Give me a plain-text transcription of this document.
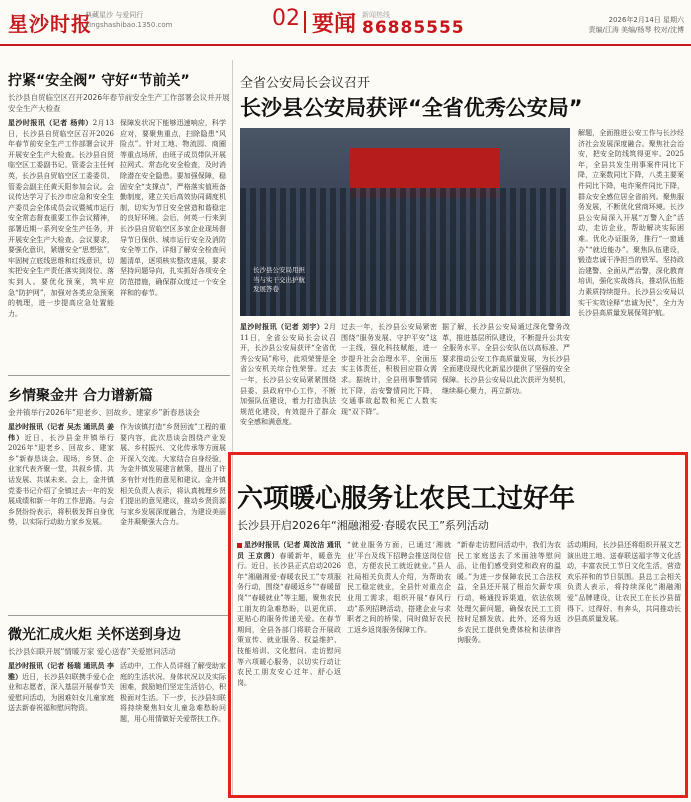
星沙时报
典藏星沙 与爱同行 xingshashibao.1350.com	02 要闻 新闻热线
86885555	2026年2月14日 星期六
责编/江涛 美编/杨琴 校对/沈博
拧紧“安全阀” 守好“节前关”
长沙县自贸临空区召开2026年春节前安全生产工作部署会议并开展安全生产大检查
星沙时报讯（记者 杨帅）2月13日，长沙县自贸临空区召开2026年春节前安全生产工作部署会议并开展安全生产大检查。长沙县自贸临空区工委副书记、管委会主任何英，长沙县自贸临空区工委委员、管委会副主任黄天阳参加会议。会议传达学习了长沙市应急和安全生产委员会全体成员会议暨城市运行安全常态督查重要工作会议精神，部署近期一系列安全生产任务，并开展安全生产大检查。会议要求，要强化意识，紧绷安全“思想弦”，牢固树立底线思维和红线意识，切实把安全生产责任落实到岗位、落实到人。要优化预案，筑牢应急“防护网”，加强对各类应急预案的梳理，进一步提高应急处置能力。
保障发状况下能够迅速响应，科学应对，要聚焦重点，扫除隐患“风险点”。针对工地、物流园、商圈等重点场所，由班子成员带队开展拉网式、常态化安全检查，及时消除潜在安全隐患。要加强保障，稳固安全“支撑点”，严格落实值班备勤制度，建立关后高效协同调度机制，切实为节日安全营造和谐稳定的良好环境。会后，何英一行来到长沙县自贸临空区多家企业现场督导节日保供、城市运行安全及消防安全等工作，详细了解安全检查问题清单，逐项核实整改进展，要求坚持问题导向，扎实抓好各项安全防范措施，确保群众度过一个安全祥和的春节。
全省公安局长会议召开
长沙县公安局获评“全省优秀公安局”
长沙县公安局用担当与实干交出护航发展答卷
星沙时报讯（记者 刘宇）2月11日，全省公安局长会议召开，长沙县公安局获评“全省优秀公安局”称号，此项荣誉是全省公安机关综合性荣誉。过去一年，长沙县公安局紧紧围绕县委、县政府中心工作，不断加强队伍建设，着力打造执法规范化建设，有效提升了群众安全感和满意度。
过去一年，长沙县公安局紧密围绕“服务发展、守护平安”这一主线，强化科技赋能，进一步提升社会治理水平，全面压实主体责任，积极回应群众需求。据统计，全县刑事警情同比下降，治安警情同比下降，交通事故起数和死亡人数实现“双下降”。
据了解，长沙县公安局通过深化警务改革，推进基层所队建设，不断提升公共安全服务水平。全县公安队伍以高标准、严要求推动公安工作高质量发展，为长沙县全面建设现代化新星沙提供了坚强的安全保障。长沙县公安局以此次获评为契机，继续凝心聚力，再立新功。
解题，全面推进公安工作与长沙经济社会发展深度融合。聚焦社会治安，把安全防线筑得更牢。2025年，全县共发生刑事案件同比下降，立案数同比下降，八类主要案件同比下降，电诈案件同比下降，群众安全感位居全省前列。聚焦服务发展，不断优化营商环境。长沙县公安局深入开展“万警入企”活动，走访企业，帮助解决实际困难。优化办证服务，推行“一窗通办”“就近能办”。聚焦队伍建设，锻造忠诚干净担当的铁军。坚持政治建警、全面从严治警，深化教育培训，强化实战练兵，推动队伍能力素质持续提升。长沙县公安局以实干实效诠释“忠诚为民”，全力为长沙县高质量发展保驾护航。
乡情聚金井 合力谱新篇
金井镇举行2026年“迎老乡、回故乡、建家乡”新春恳谈会
星沙时报讯（记者 吴杰 通讯员 姜伟）近日，长沙县金井镇举行2026年“迎老乡、回故乡、建家乡”新春恳谈会。现场，乡贤、企业家代表齐聚一堂，共叙乡情、共话发展、共谋未来。会上，金井镇党委书记介绍了全镇过去一年的发展成绩和新一年的工作思路。与会乡贤纷纷表示，将积极发挥自身优势，以实际行动助力家乡发展。
作为该镇打造“乡贤回流”工程的重要内容，此次恳谈会围绕产业发展、乡村振兴、文化传承等方面展开深入交流。大家结合自身经验，为金井镇发展建言献策，提出了许多有针对性的意见和建议。金井镇相关负责人表示，将认真梳理乡贤们提出的意见建议，推动乡贤资源与家乡发展深度融合，为建设美丽金井凝聚强大合力。
微光汇成火炬 关怀送到身边
长沙县妇联开展“情暖万家 爱心送春”关爱慰问活动
星沙时报讯（记者 杨瑞 通讯员 李雅）近日，长沙县妇联携手爱心企业和志愿者，深入基层开展春节关爱慰问活动，为困难妇女儿童家庭送去新春祝福和慰问物资。
活动中，工作人员详细了解受助家庭的生活状况、身体状况以及实际困难，鼓励她们坚定生活信心，积极面对生活。下一步，长沙县妇联将持续聚焦妇女儿童急难愁盼问题，用心用情做好关爱帮扶工作。
六项暖心服务让农民工过好年
长沙县开启2026年“湘融湘爱·春暖农民工”系列活动
星沙时报讯（记者 周汝洁 通讯员 王京茵）春暖新年，暖意先行。近日，长沙县正式启动2026年“湘融湘爱·春暖农民工”专项服务行动，围绕“春暖返乡”“春暖留岗”“春暖就业”等主题，聚焦农民工朋友的急难愁盼，以更优质、更贴心的服务传递关爱。在春节期间，全县各部门将联合开展政策宣传、就业服务、权益维护、技能培训、文化慰问、走访慰问等六项暖心服务，以切实行动让农民工朋友安心过年、舒心返岗。
“就业服务方面，已通过‘湘就业’平台及线下招聘会推送岗位信息，方便农民工就近就业。”县人社局相关负责人介绍，为帮助农民工稳定就业，全县针对重点企业用工需求，组织开展“春风行动”系列招聘活动，搭建企业与求职者之间的桥梁，同时做好农民工返乡返岗服务保障工作。
“新春走访慰问活动中，我们为农民工家庭送去了米面油等慰问品，让他们感受到党和政府的温暖。”为进一步保障农民工合法权益，全县还开展了根治欠薪专项行动，畅通投诉渠道，依法依规处理欠薪问题，确保农民工工资按时足额发放。此外，还将为返乡农民工提供免费体检和法律咨询服务。
活动期间，长沙县还将组织开展文艺演出进工地、送春联送福字等文化活动，丰富农民工节日文化生活，营造欢乐祥和的节日氛围。县总工会相关负责人表示，将持续深化“湘融湘爱”品牌建设，让农民工在长沙县留得下、过得好、有奔头，共同推动长沙县高质量发展。
